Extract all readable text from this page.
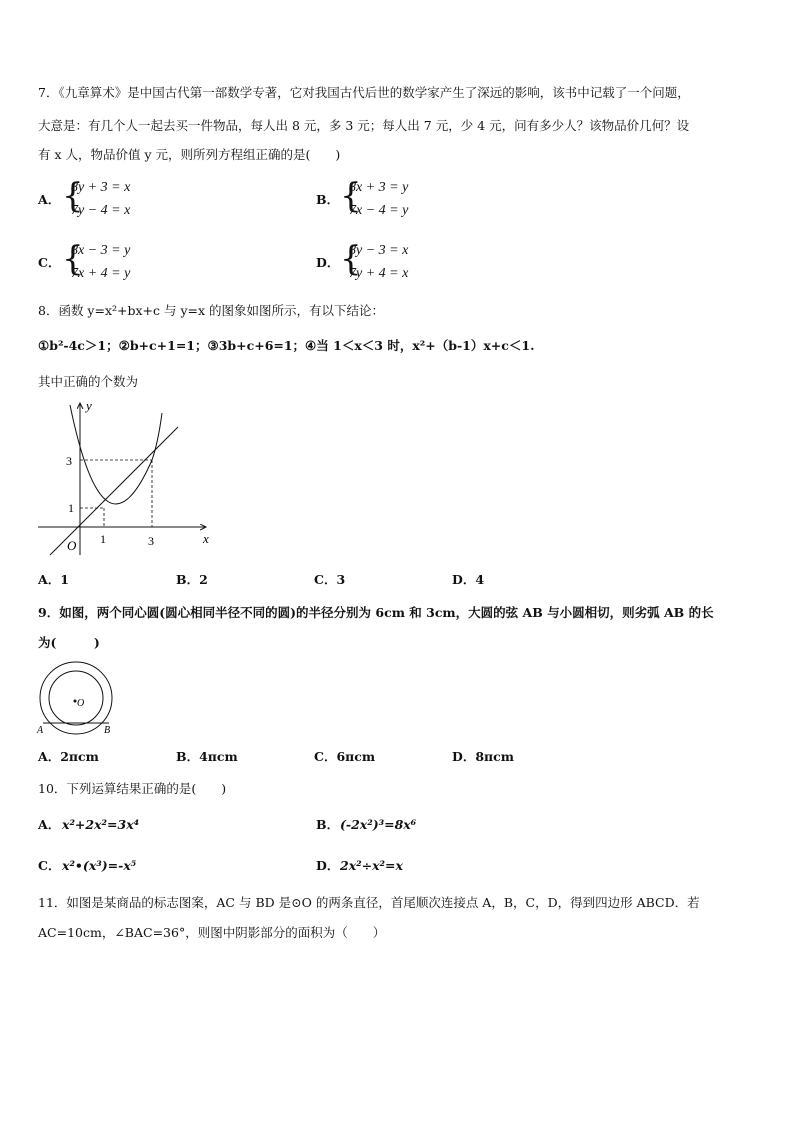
7．《九章算术》是中国古代第一部数学专著，它对我国古代后世的数学家产生了深远的影响，该书中记载了一个问题，
大意是：有几个人一起去买一件物品，每人出 8 元，多 3 元；每人出 7 元，少 4 元，问有多少人？该物品价几何？设
有 x 人，物品价值 y 元，则所列方程组正确的是(　　)
A． {
8y + 3 = x
7y − 4 = x
B． {
8x + 3 = y
7x − 4 = y
C． {
8x − 3 = y
7x + 4 = y
D． {
8y − 3 = x
7y + 4 = x
8．函数 y=x²+bx+c 与 y=x 的图象如图所示，有以下结论：
①b²-4c＞1；②b+c+1=1；③3b+c+6=1；④当 1＜x＜3 时，x²+（b-1）x+c＜1.
其中正确的个数为
y
x
O 1	3
1
3
A．1	B．2	C．3	D．4
9．如图，两个同心圆(圆心相同半径不同的圆)的半径分别为 6cm 和 3cm，大圆的弦 AB 与小圆相切，则劣弧 AB 的长
为(　　　)
O
A	B
A．2πcm	B．4πcm	C．6πcm	D．8πcm
10．下列运算结果正确的是(　　)
A． x²+2x²=3x⁴	B． (-2x²)³=8x⁶
C． x²•(x³)=-x⁵	D． 2x²÷x²=x
11．如图是某商品的标志图案，AC 与 BD 是⊙O 的两条直径，首尾顺次连接点 A，B，C，D，得到四边形 ABCD．若
AC=10cm，∠BAC=36°，则图中阴影部分的面积为（　　）
